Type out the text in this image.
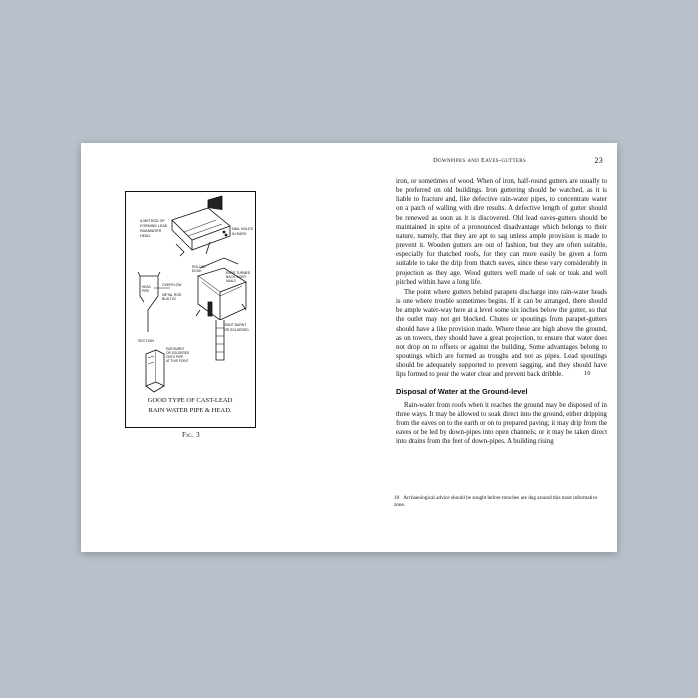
Downpipes and Eaves-gutters	23
A METHOD OF
FORMING LEAD
RAINWATER
HEAD.
NAIL HOLES
IN EARS
ROLLED
EDGE	EARS TURNED
BACK OVER
NAILS
JOINT BURNT
OR SOLDERED
OVERFLOW
HEAD
PIPE
METAL ROD
BUILT IN
SECTION
EAR BURNT
OR SOLDERED
ONTO PIPE
AT THIS POINT
GOOD TYPE OF CAST-LEAD
RAIN WATER PIPE & HEAD.
Fig. 3

iron, or sometimes of wood. When of iron, half-round gutters are usually to be preferred on old buildings. Iron guttering should be watched, as it is liable to fracture and, like defective rain-water pipes, to concentrate water on a patch of walling with dire results. A defective length of gutter should be renewed as soon as it is discovered. Old lead eaves-gutters should be maintained in spite of a pronounced disadvantage which belongs to their nature, namely, that they are apt to sag unless ample provision is made to prevent it. Wooden gutters are out of fashion, but they are often suitable, especially for thatched roofs, for they can more easily be given a form suitable to take the drip from thatch eaves, since these vary considerably in projection as they age. Wood gutters well made of oak or teak and well pitched within have a long life.

The point where gutters behind parapets discharge into rain-water heads is one where trouble sometimes begins. If it can be arranged, there should be ample water-way here at a level some six inches below the gutter, so that the outlet may not get blocked. Chutes or spoutings from parapet-gutters should have a like provision made. Where these are high above the ground, as on towers, they should have a great projection, to ensure that water does not drop on to offsets or against the building. Some advantages belong to spoutings which are formed as troughs and not as pipes. Lead spoutings should be adequately supported to prevent sagging, and they should have lips formed to pour the water clear and prevent back dribble.

Disposal of Water at the Ground-level

Rain-water from roofs when it reaches the ground may be disposed of in three ways. It may be allowed to soak direct into the ground, either dripping from the eaves on to the earth or on to prepared paving; it may drip from the eaves or be led by down-pipes into open channels; or it may be taken direct into drains from the feet of down-pipes. A building rising

10
10 Archaeological advice should be sought before trenches are dug around this most informative zone.
